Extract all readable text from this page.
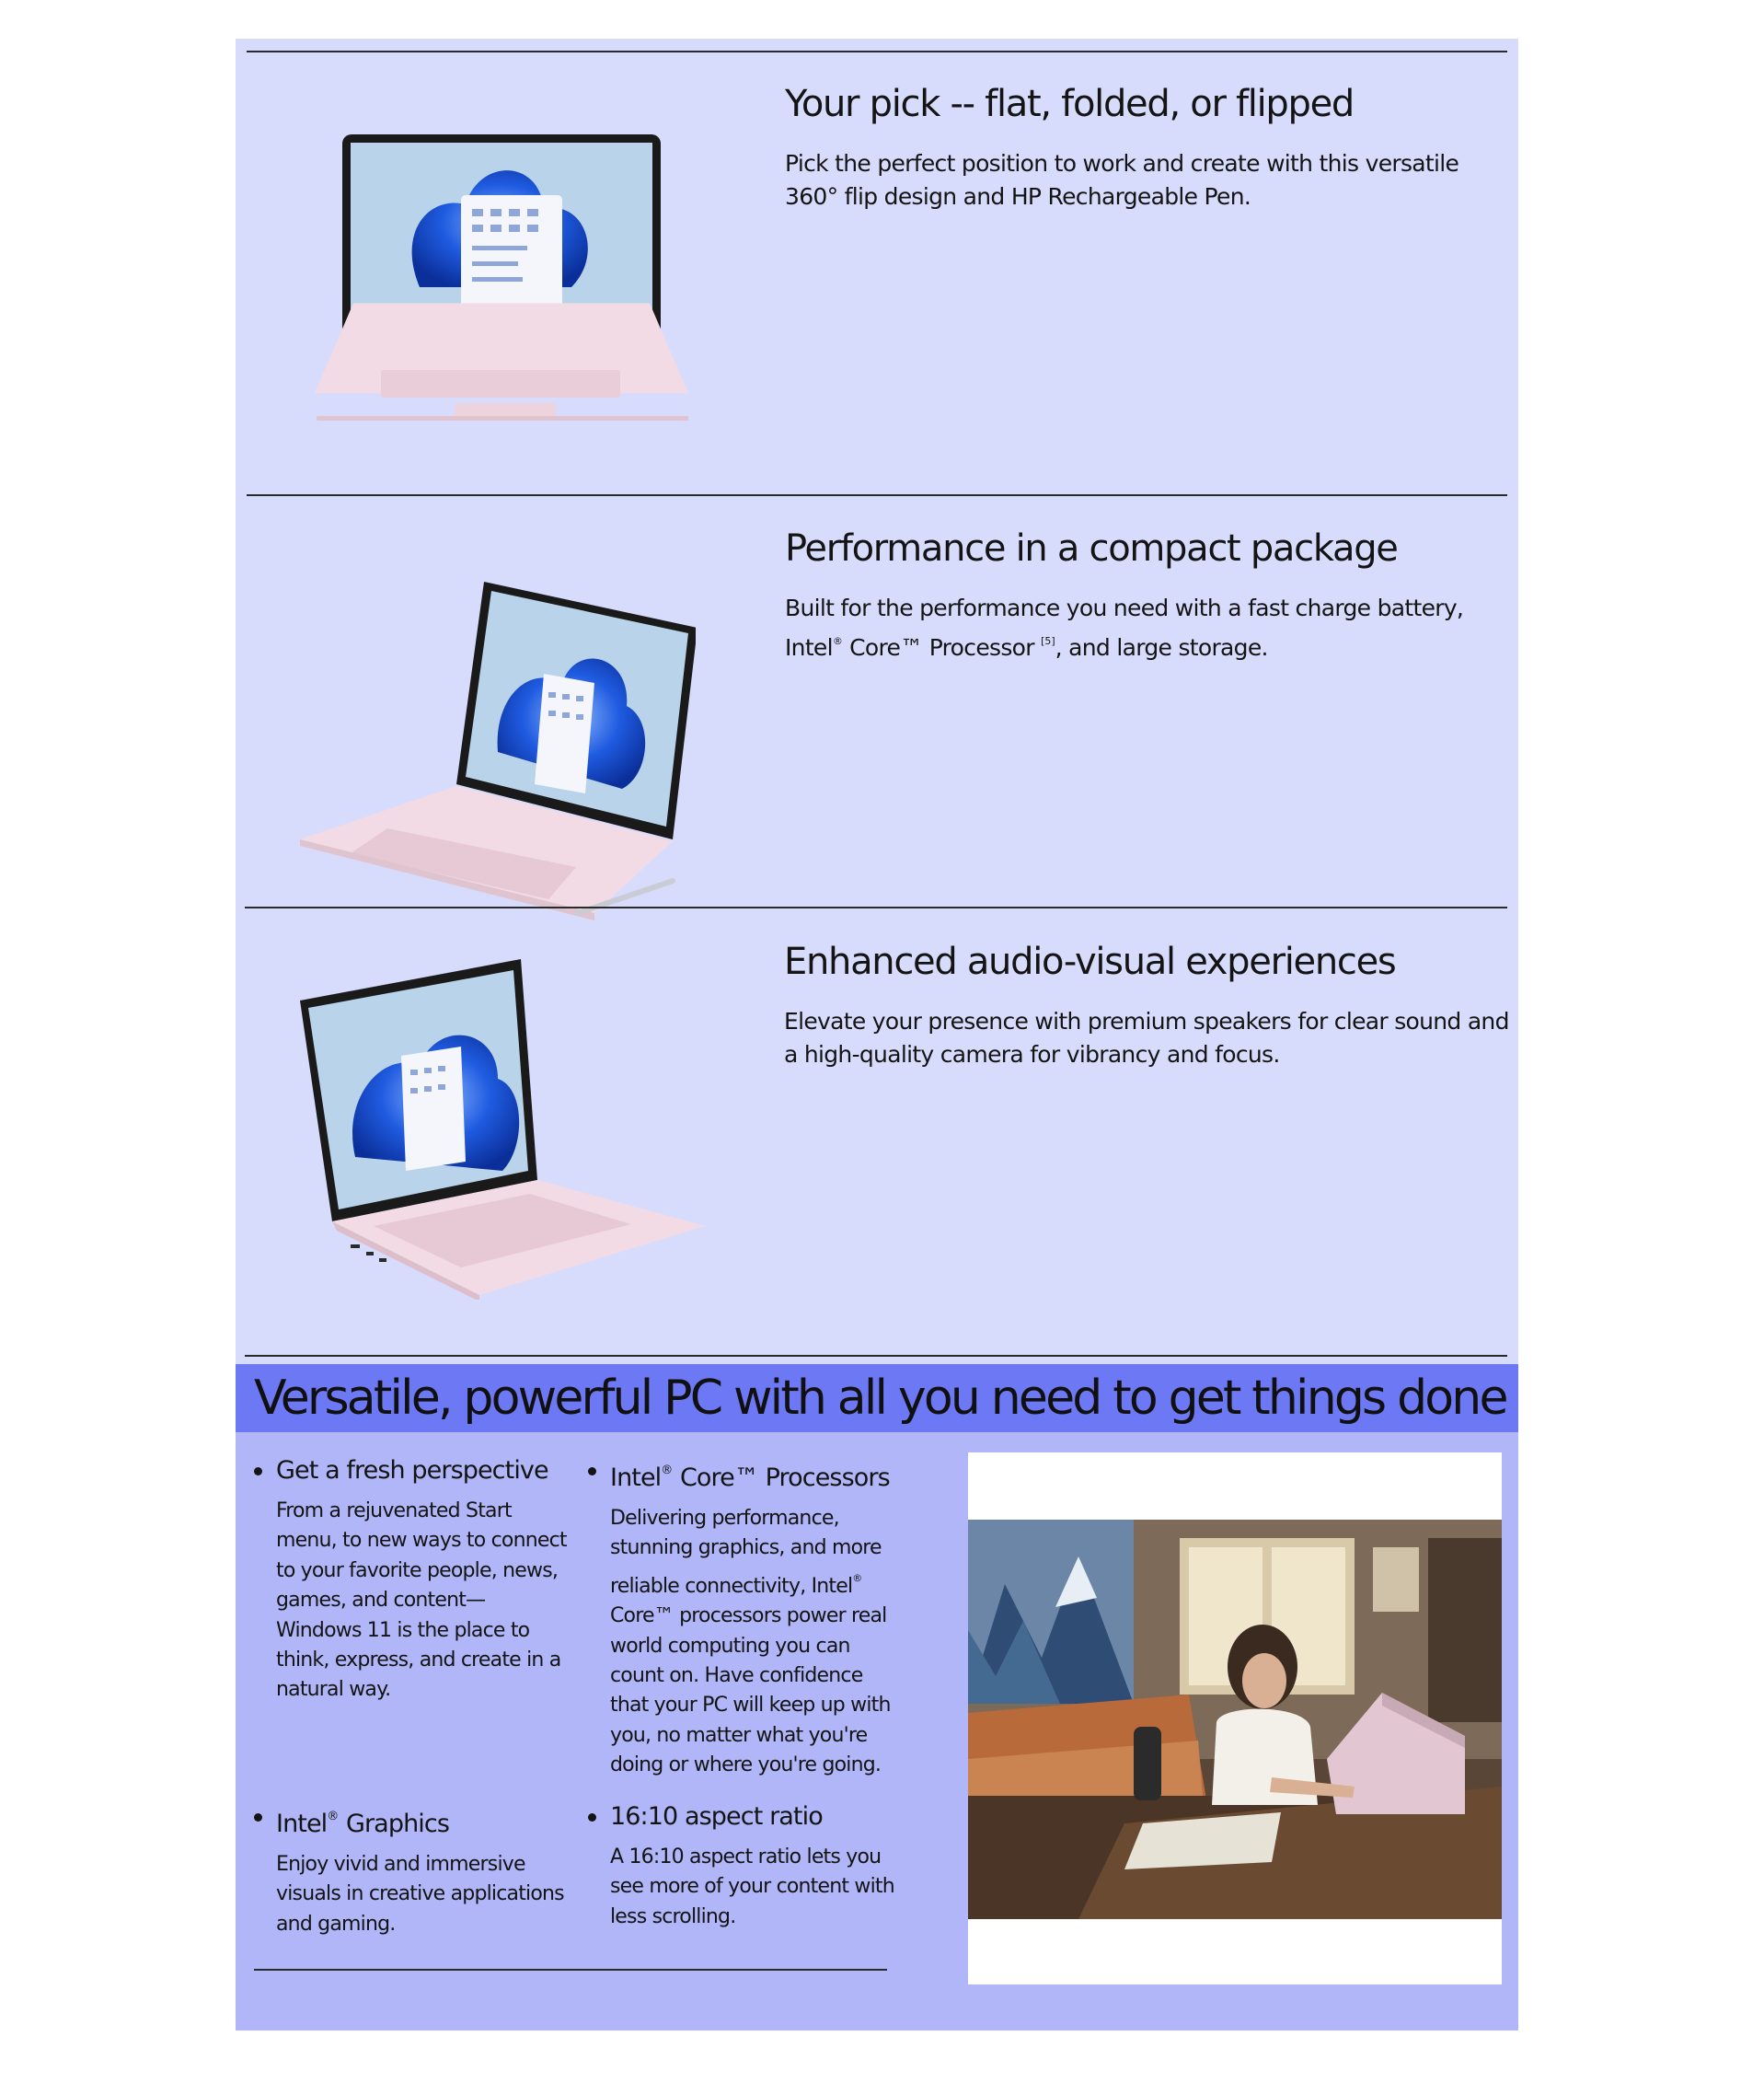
Your pick -- flat, folded, or flipped

Pick the perfect position to work and create with this versatile 360° flip design and HP Rechargeable Pen.

Performance in a compact package

Built for the performance you need with a fast charge battery, Intel® Core™ Processor [5], and large storage.

Enhanced audio-visual experiences

Elevate your presence with premium speakers for clear sound and a high-quality camera for vibrancy and focus.

Versatile, powerful PC with all you need to get things done
Get a fresh perspective

From a rejuvenated Start menu, to new ways to connect to your favorite people, news, games, and content—Windows 11 is the place to think, express, and create in a natural way.

Intel® Core™ Processors

Delivering performance, stunning graphics, and more reliable connectivity, Intel® Core™ processors power real world computing you can count on. Have confidence that your PC will keep up with you, no matter what you're doing or where you're going.

Intel® Graphics

Enjoy vivid and immersive visuals in creative applications and gaming.

16:10 aspect ratio

A 16:10 aspect ratio lets you see more of your content with less scrolling.
